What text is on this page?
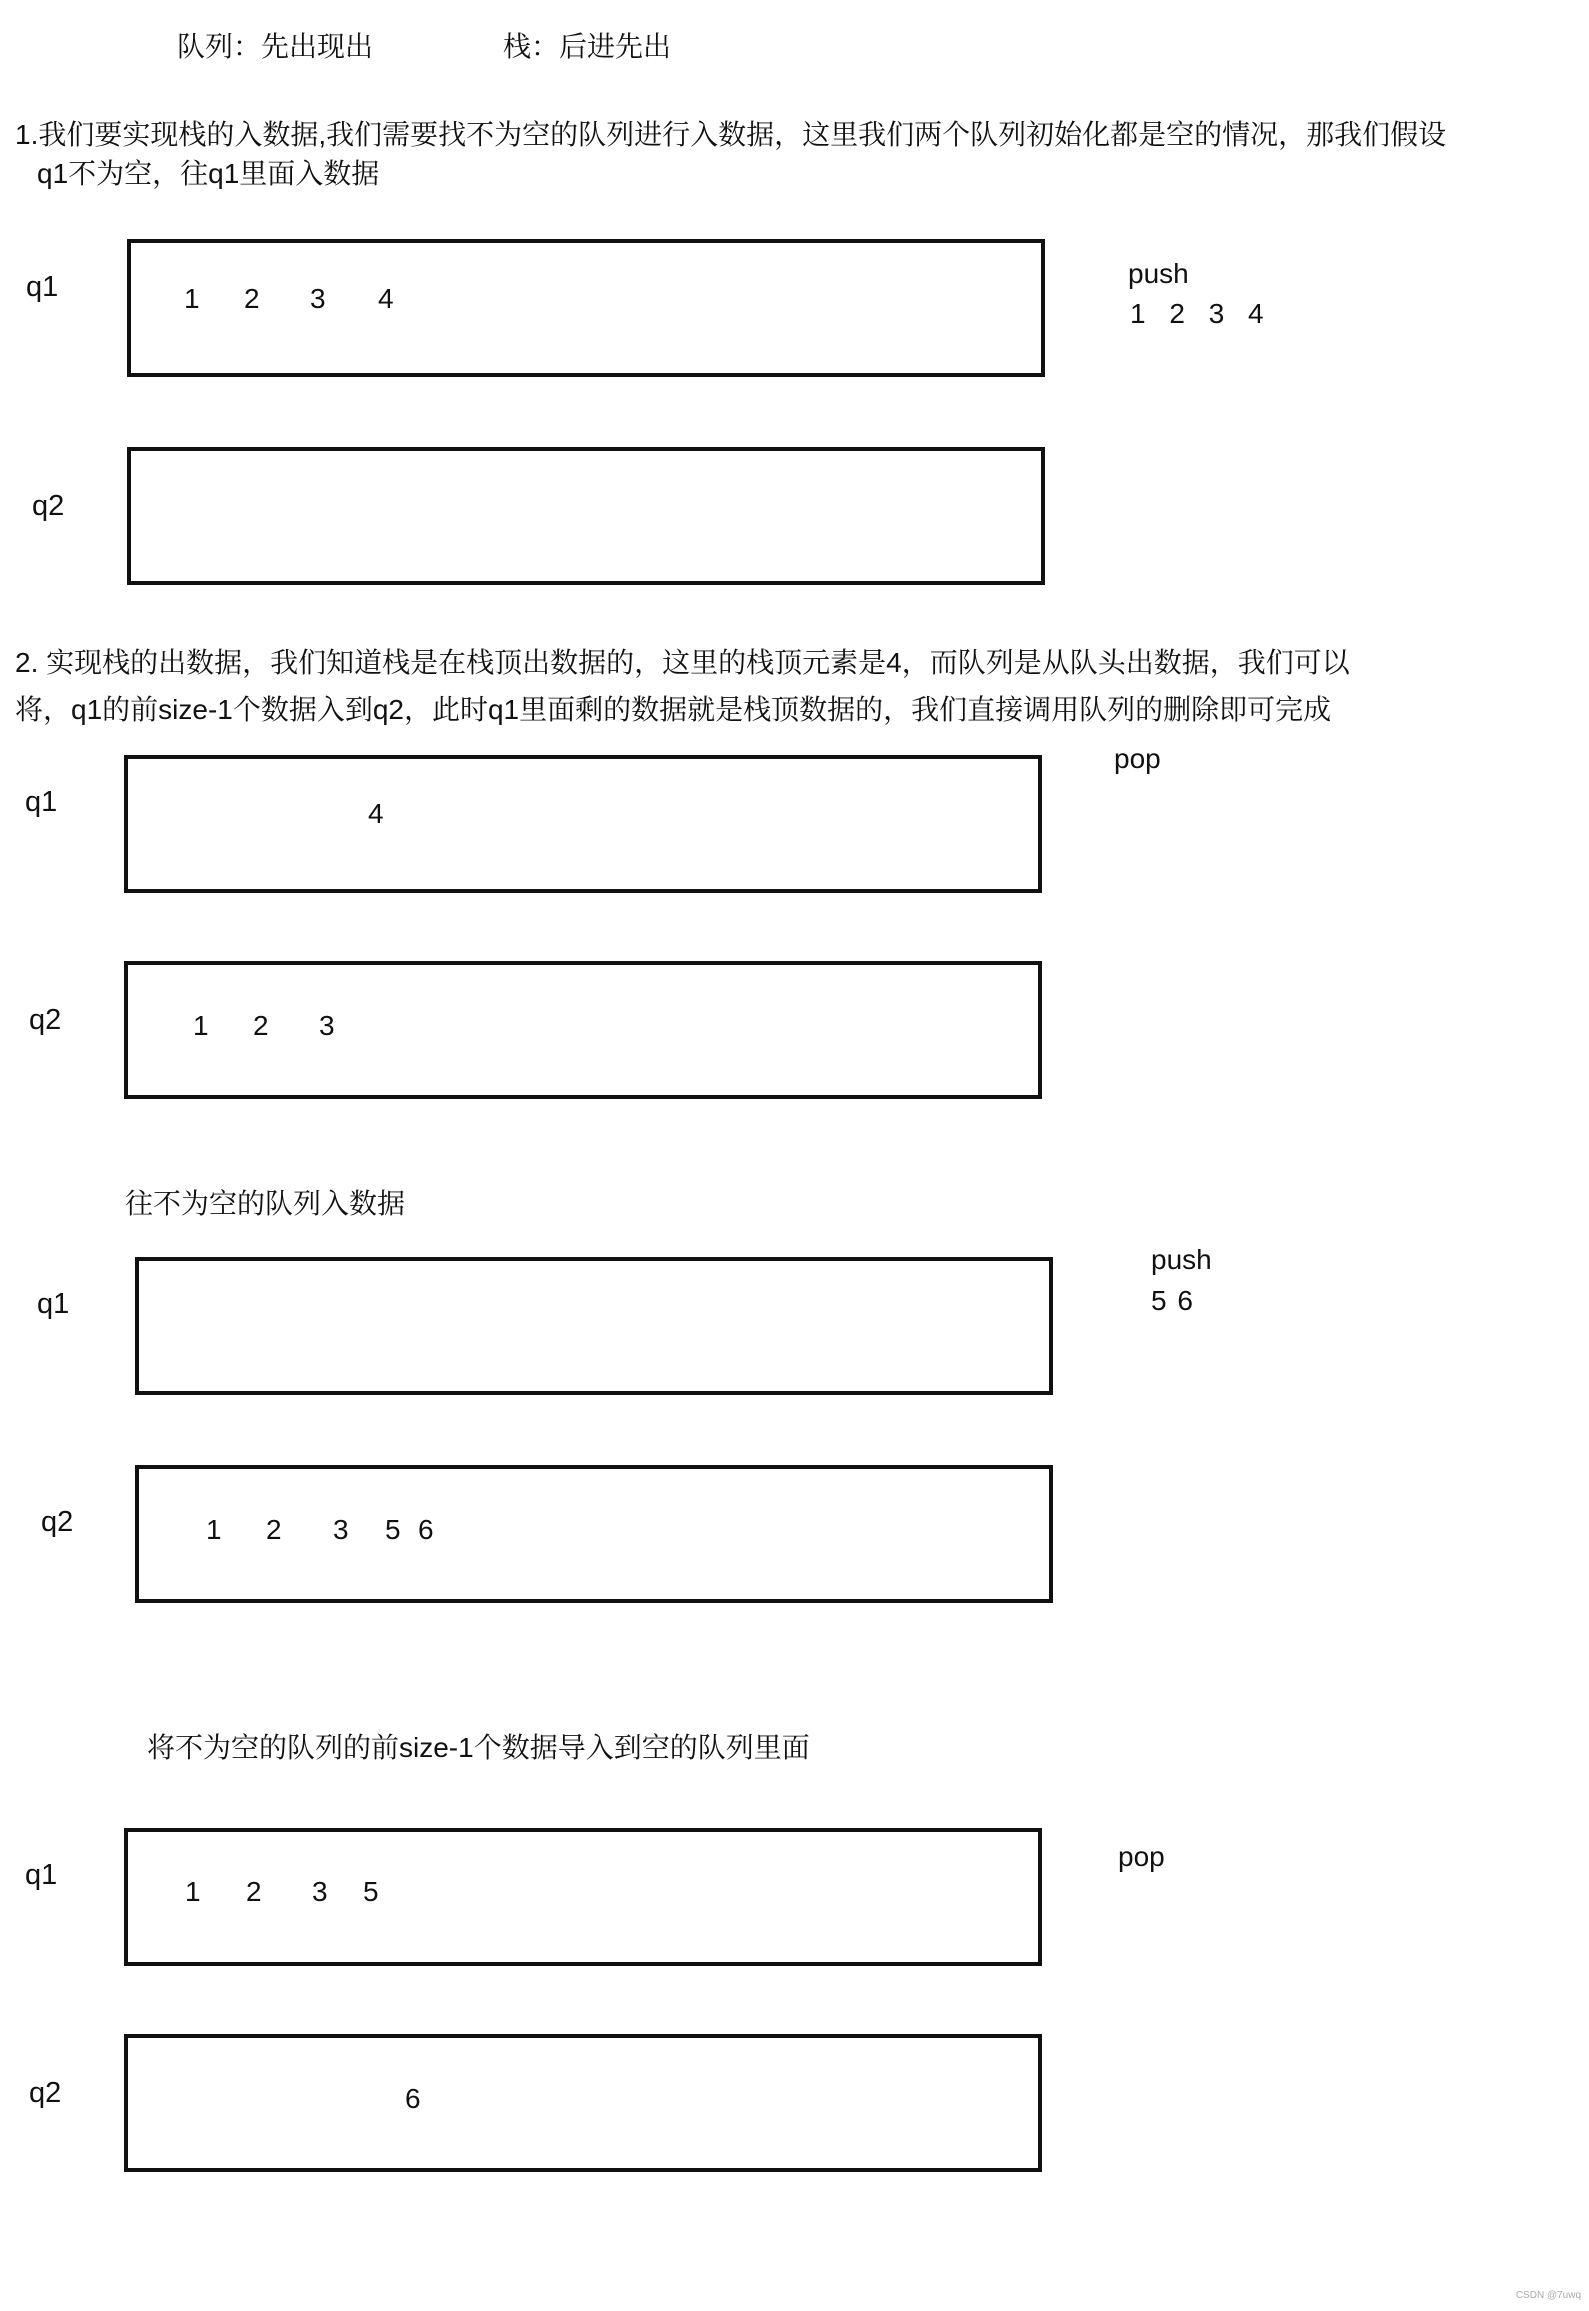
队列：先出现出	栈：后进先出
1.我们要实现栈的入数据,我们需要找不为空的队列进行入数据，这里我们两个队列初始化都是空的情况，那我们假设
q1不为空，往q1里面入数据
q1	1 2 3 4
push
1 2 3 4
q2
2. 实现栈的出数据，我们知道栈是在栈顶出数据的，这里的栈顶元素是4，而队列是从队头出数据，我们可以
将，q1的前size-1个数据入到q2，此时q1里面剩的数据就是栈顶数据的，我们直接调用队列的删除即可完成
q1	4
pop
q2	1 2 3
往不为空的队列入数据
q1
push
5 6
q2	1 2 3 5 6
将不为空的队列的前size-1个数据导入到空的队列里面
q1
1 2 3 5
pop
q2	6
CSDN @7uwq
